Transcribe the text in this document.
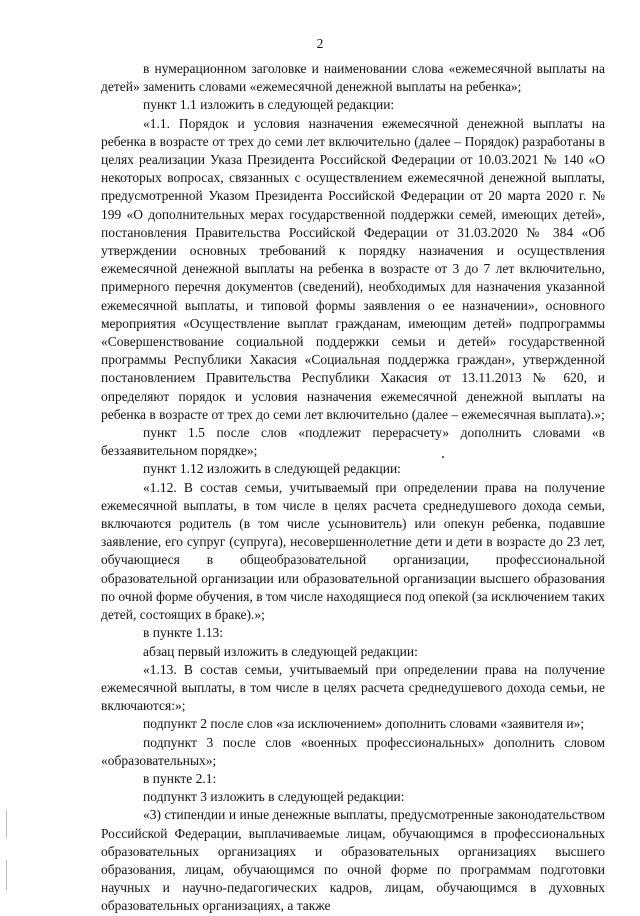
2

в нумерационном заголовке и наименовании слова «ежемесячной выплаты на детей» заменить словами «ежемесячной денежной выплаты на ребенка»;

пункт 1.1 изложить в следующей редакции:

«1.1. Порядок и условия назначения ежемесячной денежной выплаты на ребенка в возрасте от трех до семи лет включительно (далее – Порядок) разработаны в целях реализации Указа Президента Российской Федерации от 10.03.2021 № 140 «О некоторых вопросах, связанных с осуществлением ежемесячной денежной выплаты, предусмотренной Указом Президента Российской Федерации от 20 марта 2020 г. № 199 «О дополнительных мерах государственной поддержки семей, имеющих детей», постановления Правительства Российской Федерации от 31.03.2020 № 384 «Об утверждении основных требований к порядку назначения и осуществления ежемесячной денежной выплаты на ребенка в возрасте от 3 до 7 лет включительно, примерного перечня документов (сведений), необходимых для назначения указанной ежемесячной выплаты, и типовой формы заявления о ее назначении», основного мероприятия «Осуществление выплат гражданам, имеющим детей» подпрограммы «Совершенствование социальной поддержки семьи и детей» государственной программы Республики Хакасия «Социальная поддержка граждан», утвержденной постановлением Правительства Республики Хакасия от 13.11.2013 № 620, и определяют порядок и условия назначения ежемесячной денежной выплаты на ребенка в возрасте от трех до семи лет включительно (далее – ежемесячная выплата).»;

пункт 1.5 после слов «подлежит перерасчету» дополнить словами «в беззаявительном порядке»;

пункт 1.12 изложить в следующей редакции:

«1.12. В состав семьи, учитываемый при определении права на получение ежемесячной выплаты, в том числе в целях расчета среднедушевого дохода семьи, включаются родитель (в том числе усыновитель) или опекун ребенка, подавшие заявление, его супруг (супруга), несовершеннолетние дети и дети в возрасте до 23 лет, обучающиеся в общеобразовательной организации, профессиональной образовательной организации или образовательной организации высшего образования по очной форме обучения, в том числе находящиеся под опекой (за исключением таких детей, состоящих в браке).»;

в пункте 1.13:

абзац первый изложить в следующей редакции:

«1.13. В состав семьи, учитываемый при определении права на получение ежемесячной выплаты, в том числе в целях расчета среднедушевого дохода семьи, не включаются:»;

подпункт 2 после слов «за исключением» дополнить словами «заявителя и»;

подпункт 3 после слов «военных профессиональных» дополнить словом «образовательных»;

в пункте 2.1:

подпункт 3 изложить в следующей редакции:

«3) стипендии и иные денежные выплаты, предусмотренные законодательством Российской Федерации, выплачиваемые лицам, обучающимся в профессиональных образовательных организациях и образовательных организациях высшего образования, лицам, обучающимся по очной форме по программам подготовки научных и научно-педагогических кадров, лицам, обучающимся в духовных образовательных организациях, а также
